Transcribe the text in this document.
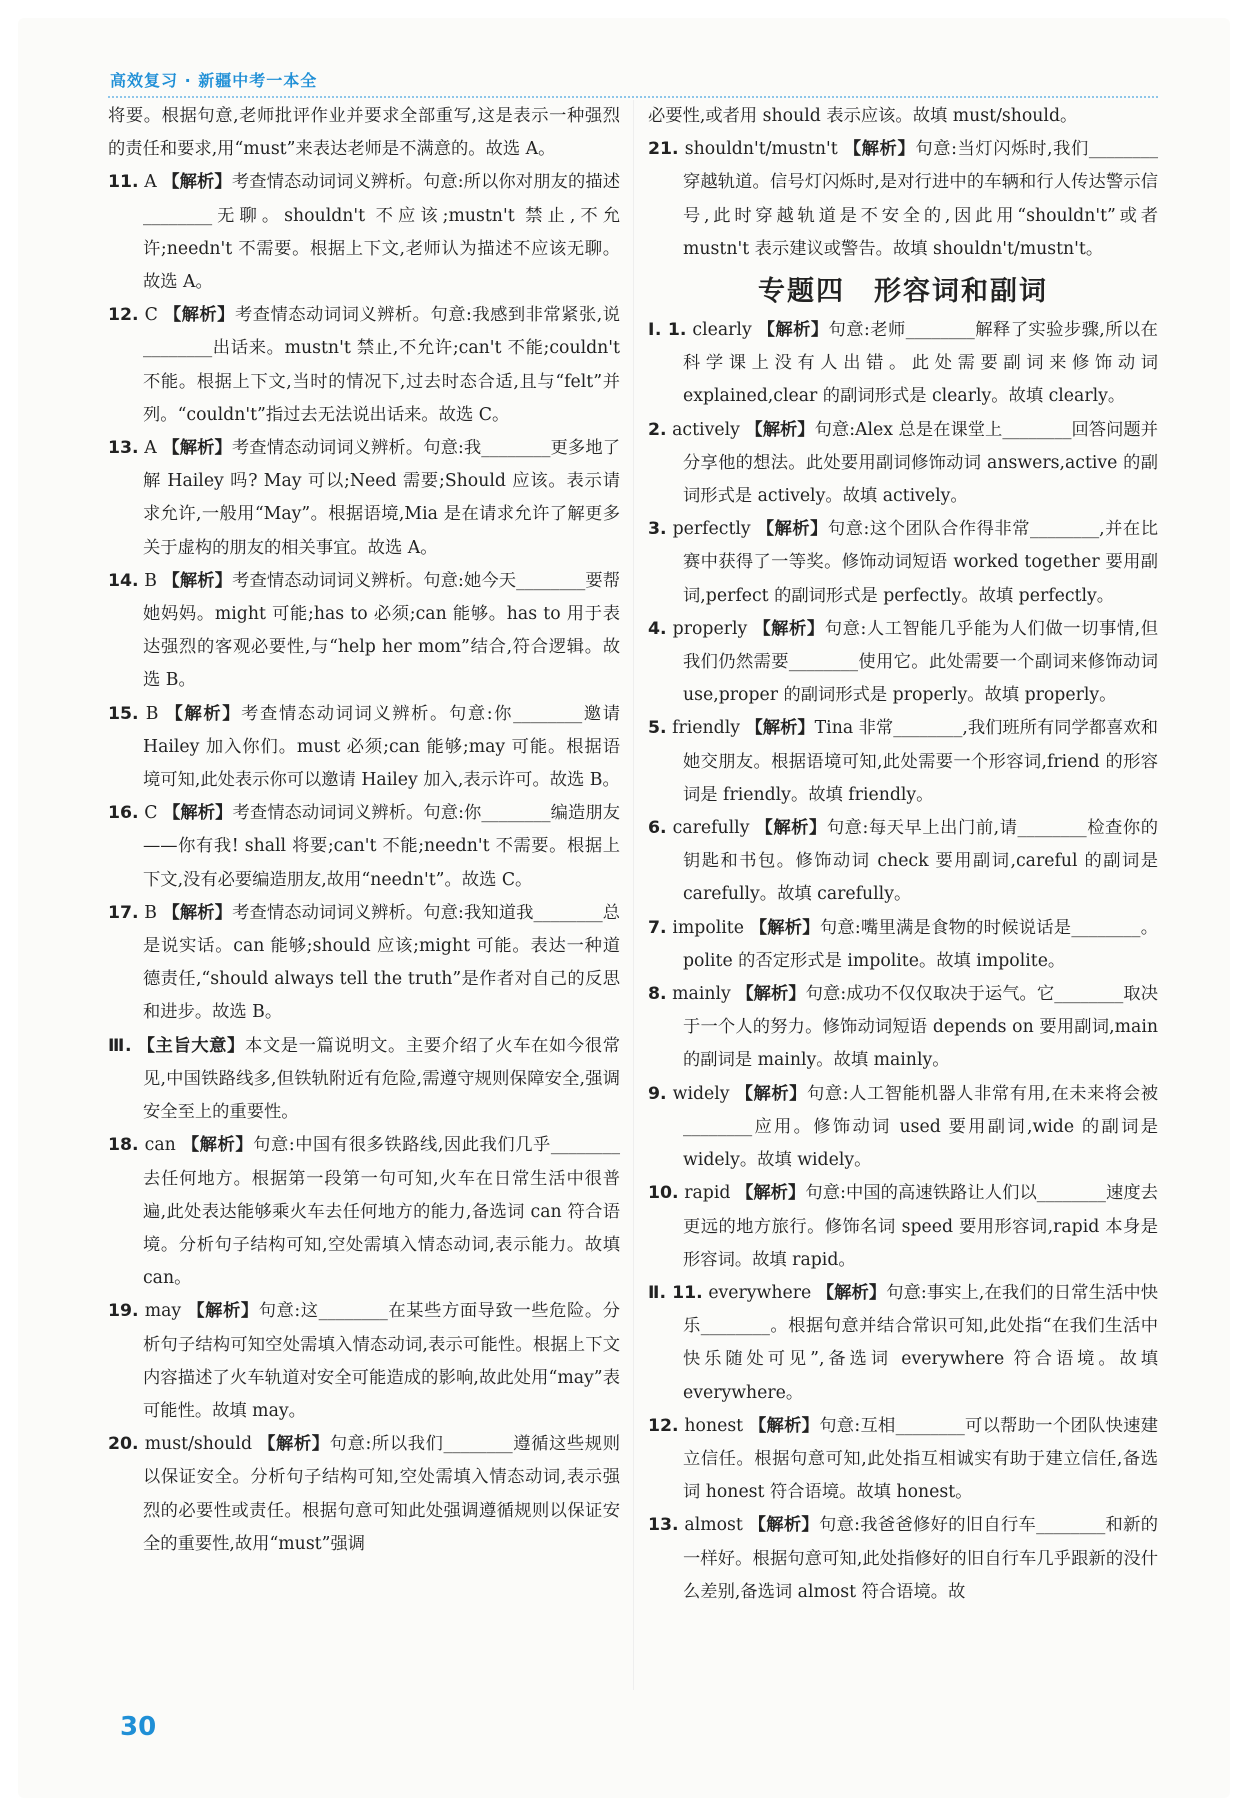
高效复习 · 新疆中考一本全

将要。根据句意,老师批评作业并要求全部重写,这是表示一种强烈的责任和要求,用“must”来表达老师是不满意的。故选 A。

11. A 【解析】考查情态动词词义辨析。句意:所以你对朋友的描述________无聊。shouldn't 不应该;mustn't 禁止,不允许;needn't 不需要。根据上下文,老师认为描述不应该无聊。故选 A。

12. C 【解析】考查情态动词词义辨析。句意:我感到非常紧张,说________出话来。mustn't 禁止,不允许;can't 不能;couldn't 不能。根据上下文,当时的情况下,过去时态合适,且与“felt”并列。“couldn't”指过去无法说出话来。故选 C。

13. A 【解析】考查情态动词词义辨析。句意:我________更多地了解 Hailey 吗? May 可以;Need 需要;Should 应该。表示请求允许,一般用“May”。根据语境,Mia 是在请求允许了解更多关于虚构的朋友的相关事宜。故选 A。

14. B 【解析】考查情态动词词义辨析。句意:她今天________要帮她妈妈。might 可能;has to 必须;can 能够。has to 用于表达强烈的客观必要性,与“help her mom”结合,符合逻辑。故选 B。

15. B 【解析】考查情态动词词义辨析。句意:你________邀请 Hailey 加入你们。must 必须;can 能够;may 可能。根据语境可知,此处表示你可以邀请 Hailey 加入,表示许可。故选 B。

16. C 【解析】考查情态动词词义辨析。句意:你________编造朋友——你有我! shall 将要;can't 不能;needn't 不需要。根据上下文,没有必要编造朋友,故用“needn't”。故选 C。

17. B 【解析】考查情态动词词义辨析。句意:我知道我________总是说实话。can 能够;should 应该;might 可能。表达一种道德责任,“should always tell the truth”是作者对自己的反思和进步。故选 B。

Ⅲ. 【主旨大意】本文是一篇说明文。主要介绍了火车在如今很常见,中国铁路线多,但铁轨附近有危险,需遵守规则保障安全,强调安全至上的重要性。

18. can 【解析】句意:中国有很多铁路线,因此我们几乎________去任何地方。根据第一段第一句可知,火车在日常生活中很普遍,此处表达能够乘火车去任何地方的能力,备选词 can 符合语境。分析句子结构可知,空处需填入情态动词,表示能力。故填 can。

19. may 【解析】句意:这________在某些方面导致一些危险。分析句子结构可知空处需填入情态动词,表示可能性。根据上下文内容描述了火车轨道对安全可能造成的影响,故此处用“may”表可能性。故填 may。

20. must/should 【解析】句意:所以我们________遵循这些规则以保证安全。分析句子结构可知,空处需填入情态动词,表示强烈的必要性或责任。根据句意可知此处强调遵循规则以保证安全的重要性,故用“must”强调

必要性,或者用 should 表示应该。故填 must/should。

21. shouldn't/mustn't 【解析】句意:当灯闪烁时,我们________穿越轨道。信号灯闪烁时,是对行进中的车辆和行人传达警示信号,此时穿越轨道是不安全的,因此用“shouldn't”或者 mustn't 表示建议或警告。故填 shouldn't/mustn't。

专题四　形容词和副词

Ⅰ. 1. clearly 【解析】句意:老师________解释了实验步骤,所以在科学课上没有人出错。此处需要副词来修饰动词 explained,clear 的副词形式是 clearly。故填 clearly。

2. actively 【解析】句意:Alex 总是在课堂上________回答问题并分享他的想法。此处要用副词修饰动词 answers,active 的副词形式是 actively。故填 actively。

3. perfectly 【解析】句意:这个团队合作得非常________,并在比赛中获得了一等奖。修饰动词短语 worked together 要用副词,perfect 的副词形式是 perfectly。故填 perfectly。

4. properly 【解析】句意:人工智能几乎能为人们做一切事情,但我们仍然需要________使用它。此处需要一个副词来修饰动词 use,proper 的副词形式是 properly。故填 properly。

5. friendly 【解析】Tina 非常________,我们班所有同学都喜欢和她交朋友。根据语境可知,此处需要一个形容词,friend 的形容词是 friendly。故填 friendly。

6. carefully 【解析】句意:每天早上出门前,请________检查你的钥匙和书包。修饰动词 check 要用副词,careful 的副词是 carefully。故填 carefully。

7. impolite 【解析】句意:嘴里满是食物的时候说话是________。polite 的否定形式是 impolite。故填 impolite。

8. mainly 【解析】句意:成功不仅仅取决于运气。它________取决于一个人的努力。修饰动词短语 depends on 要用副词,main 的副词是 mainly。故填 mainly。

9. widely 【解析】句意:人工智能机器人非常有用,在未来将会被________应用。修饰动词 used 要用副词,wide 的副词是 widely。故填 widely。

10. rapid 【解析】句意:中国的高速铁路让人们以________速度去更远的地方旅行。修饰名词 speed 要用形容词,rapid 本身是形容词。故填 rapid。

Ⅱ. 11. everywhere 【解析】句意:事实上,在我们的日常生活中快乐________。根据句意并结合常识可知,此处指“在我们生活中快乐随处可见”,备选词 everywhere 符合语境。故填 everywhere。

12. honest 【解析】句意:互相________可以帮助一个团队快速建立信任。根据句意可知,此处指互相诚实有助于建立信任,备选词 honest 符合语境。故填 honest。

13. almost 【解析】句意:我爸爸修好的旧自行车________和新的一样好。根据句意可知,此处指修好的旧自行车几乎跟新的没什么差别,备选词 almost 符合语境。故

30
